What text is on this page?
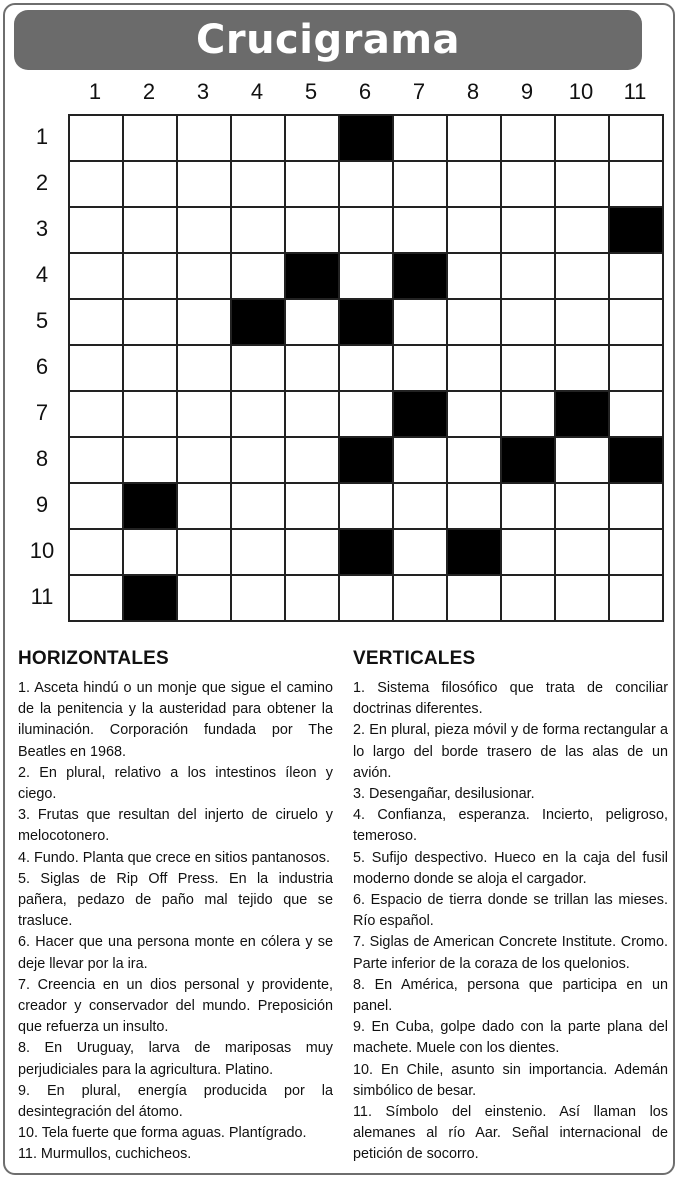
Crucigrama
1	2	3	4	5	6	7	8	9	10	11
1
2
3
4
5
6
7
8
9
10
11
HORIZONTALES
1. Asceta hindú o un monje que sigue el camino de la penitencia y la austeridad para obtener la iluminación. Corporación fundada por The Beatles en 1968.
2. En plural, relativo a los intestinos íleon y ciego.
3. Frutas que resultan del injerto de ciruelo y melocotonero.
4. Fundo. Planta que crece en sitios pantanosos.
5. Siglas de Rip Off Press. En la industria pañera, pedazo de paño mal tejido que se trasluce.
6. Hacer que una persona monte en cólera y se deje llevar por la ira.
7. Creencia en un dios personal y providente, creador y conservador del mundo. Preposición que refuerza un insulto.
8. En Uruguay, larva de mariposas muy perjudiciales para la agricultura. Platino.
9. En plural, energía producida por la desintegración del átomo.
10. Tela fuerte que forma aguas. Plantígrado.
11. Murmullos, cuchicheos.
VERTICALES
1. Sistema filosófico que trata de conciliar doctrinas diferentes.
2. En plural, pieza móvil y de forma rectangular a lo largo del borde trasero de las alas de un avión.
3. Desengañar, desilusionar.
4. Confianza, esperanza. Incierto, peligroso, temeroso.
5. Sufijo despectivo. Hueco en la caja del fusil moderno donde se aloja el cargador.
6. Espacio de tierra donde se trillan las mieses. Río español.
7. Siglas de American Concrete Institute. Cromo. Parte inferior de la coraza de los quelonios.
8. En América, persona que participa en un panel.
9. En Cuba, golpe dado con la parte plana del machete. Muele con los dientes.
10. En Chile, asunto sin importancia. Ademán simbólico de besar.
11. Símbolo del einstenio. Así llaman los alemanes al río Aar. Señal internacional de petición de socorro.
